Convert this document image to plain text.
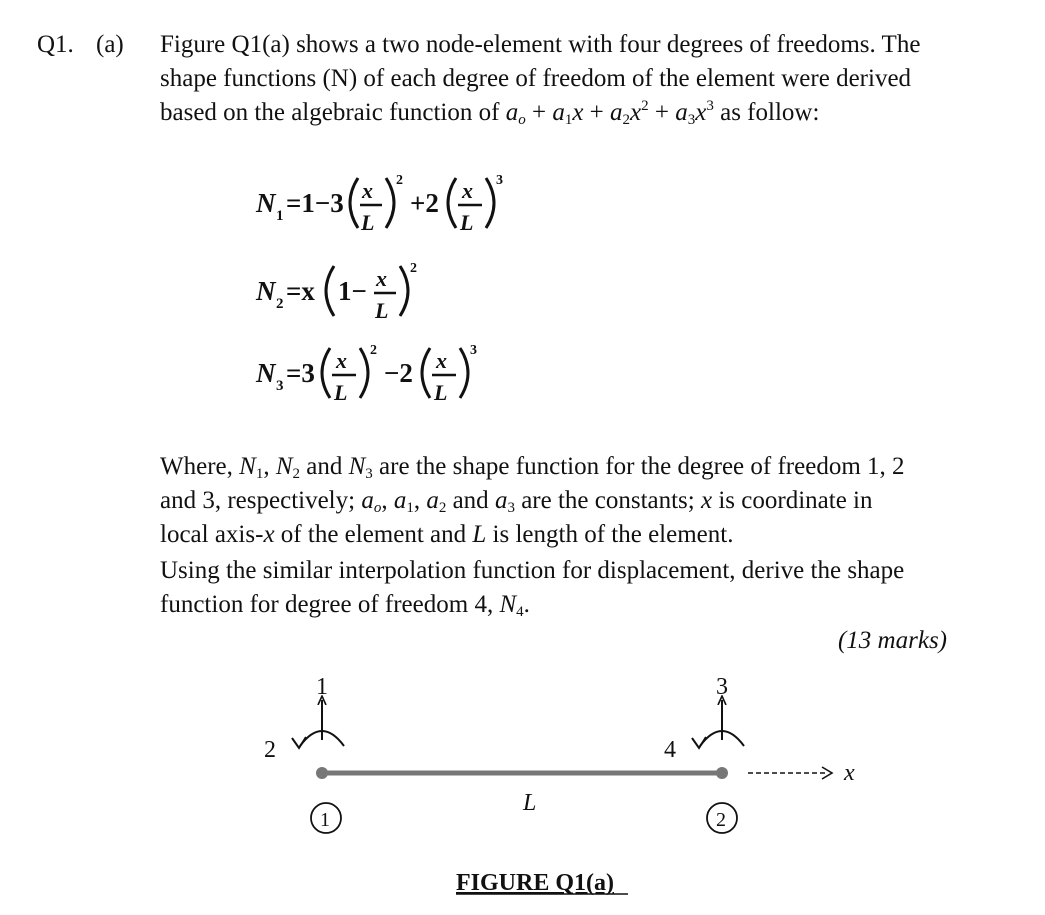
Q1. (a) Figure Q1(a) shows a two node-element with four degrees of freedoms. The
shape functions (N) of each degree of freedom of the element were derived
based on the algebraic function of $a_o + a_1x + a_2x^2 + a_3x^3$ as follow:
N 1 =1−3 x
L
2
+2 x
L
3
N 2 =x 1− x
L
2
N 3 =3 x
L
2
−2 x
L
3
Where, $N_1$, $N_2$ and $N_3$ are the shape function for the degree of freedom 1, 2
and 3, respectively; $a_o$, $a_1$, $a_2$ and $a_3$ are the constants; x is coordinate in
local axis-x of the element and L is length of the element.
Using the similar interpolation function for displacement, derive the shape
function for degree of freedom 4, $N_4$.
(13 marks)
1
2
3
4
x
1	2
L
FIGURE Q1(a)
